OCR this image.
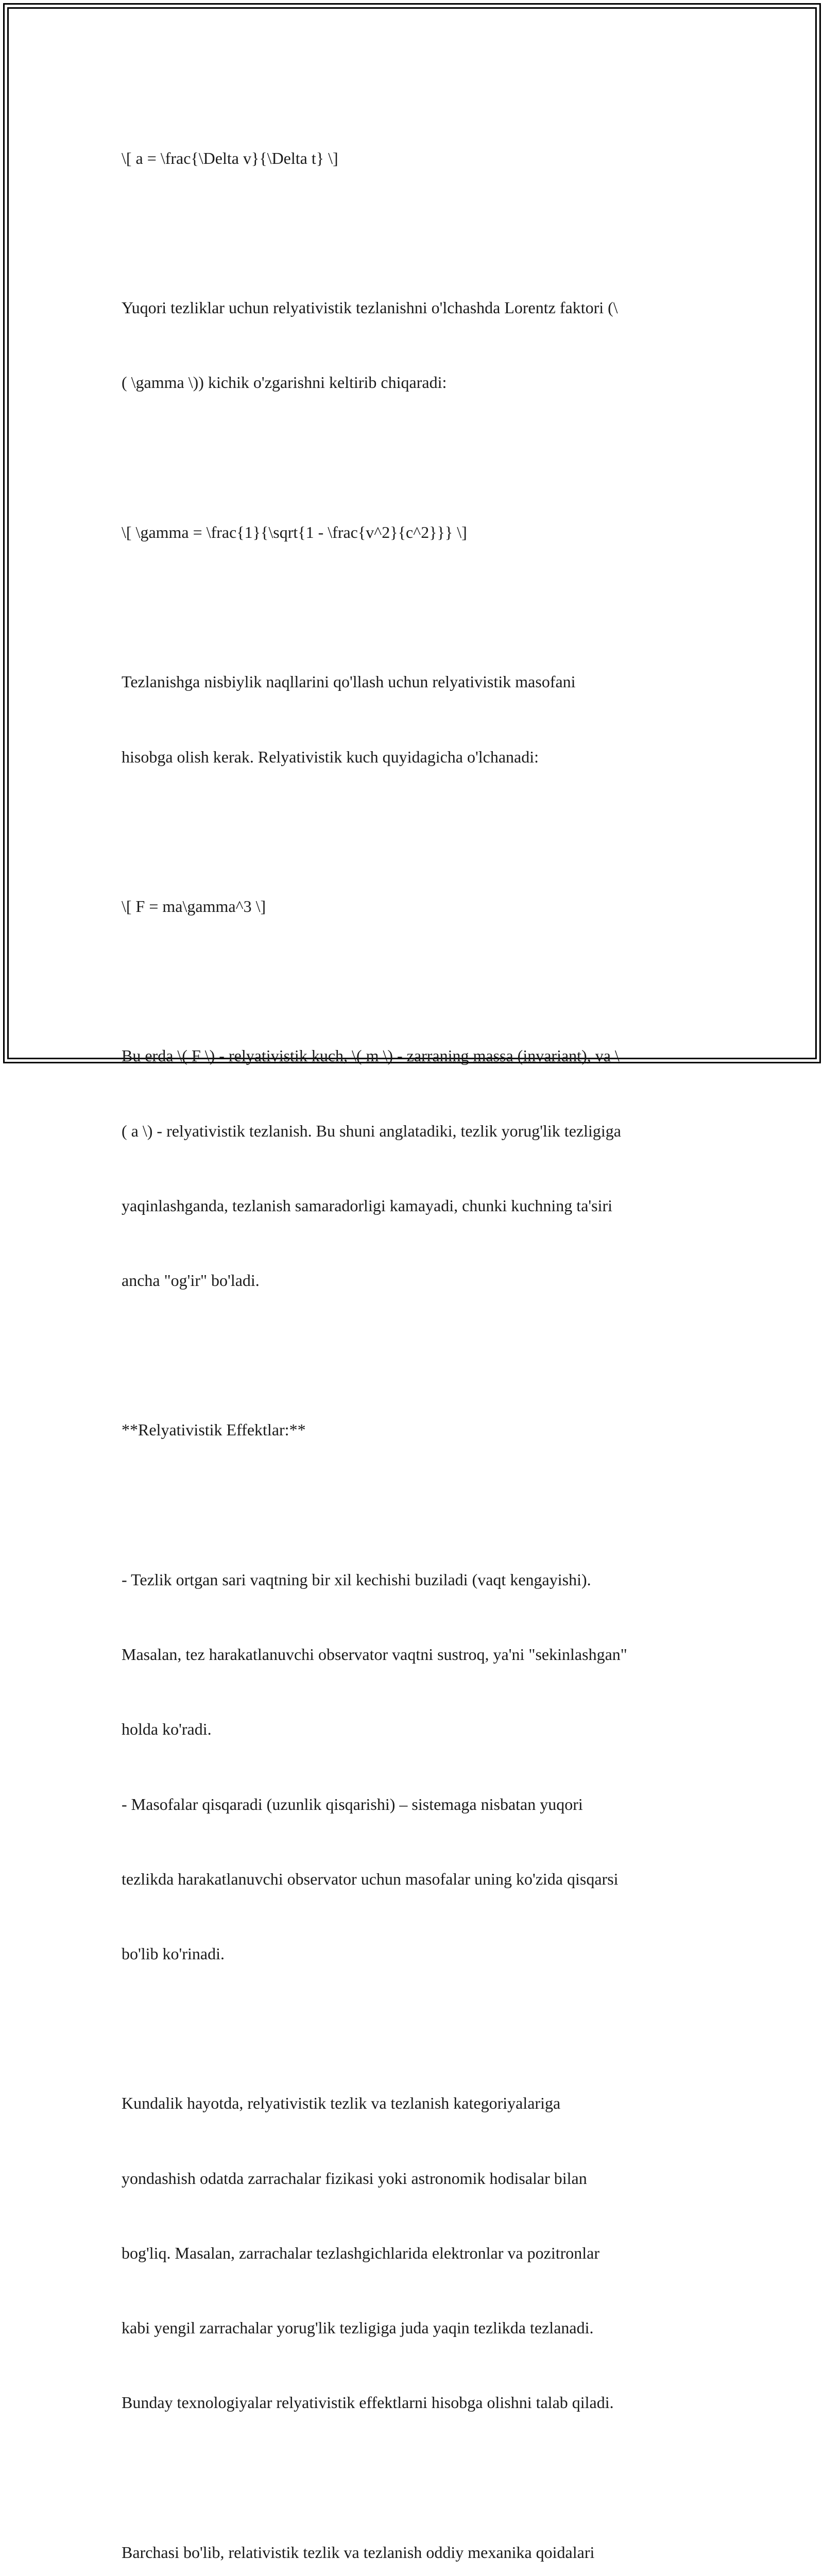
\[ a = \frac{\Delta v}{\Delta t} \]

Yuqori tezliklar uchun relyativistik tezlanishni o'lchashda Lorentz faktori (\

( \gamma \)) kichik o'zgarishni keltirib chiqaradi:

\[ \gamma = \frac{1}{\sqrt{1 - \frac{v^2}{c^2}}} \]

Tezlanishga nisbiylik naqllarini qo'llash uchun relyativistik masofani

hisobga olish kerak. Relyativistik kuch quyidagicha o'lchanadi:

\[ F = ma\gamma^3 \]

Bu erda \( F \) - relyativistik kuch, \( m \) - zarraning massa (invariant), va \

( a \) - relyativistik tezlanish. Bu shuni anglatadiki, tezlik yorug'lik tezligiga

yaqinlashganda, tezlanish samaradorligi kamayadi, chunki kuchning ta'siri

ancha "og'ir" bo'ladi.

**Relyativistik Effektlar:**

- Tezlik ortgan sari vaqtning bir xil kechishi buziladi (vaqt kengayishi).

Masalan, tez harakatlanuvchi observator vaqtni sustroq, ya'ni "sekinlashgan"

holda ko'radi.

- Masofalar qisqaradi (uzunlik qisqarishi) – sistemaga nisbatan yuqori

tezlikda harakatlanuvchi observator uchun masofalar uning ko'zida qisqarsi

bo'lib ko'rinadi.

Kundalik hayotda, relyativistik tezlik va tezlanish kategoriyalariga

yondashish odatda zarrachalar fizikasi yoki astronomik hodisalar bilan

bog'liq. Masalan, zarrachalar tezlashgichlarida elektronlar va pozitronlar

kabi yengil zarrachalar yorug'lik tezligiga juda yaqin tezlikda tezlanadi.

Bunday texnologiyalar relyativistik effektlarni hisobga olishni talab qiladi.

Barchasi bo'lib, relativistik tezlik va tezlanish oddiy mexanika qoidalari
